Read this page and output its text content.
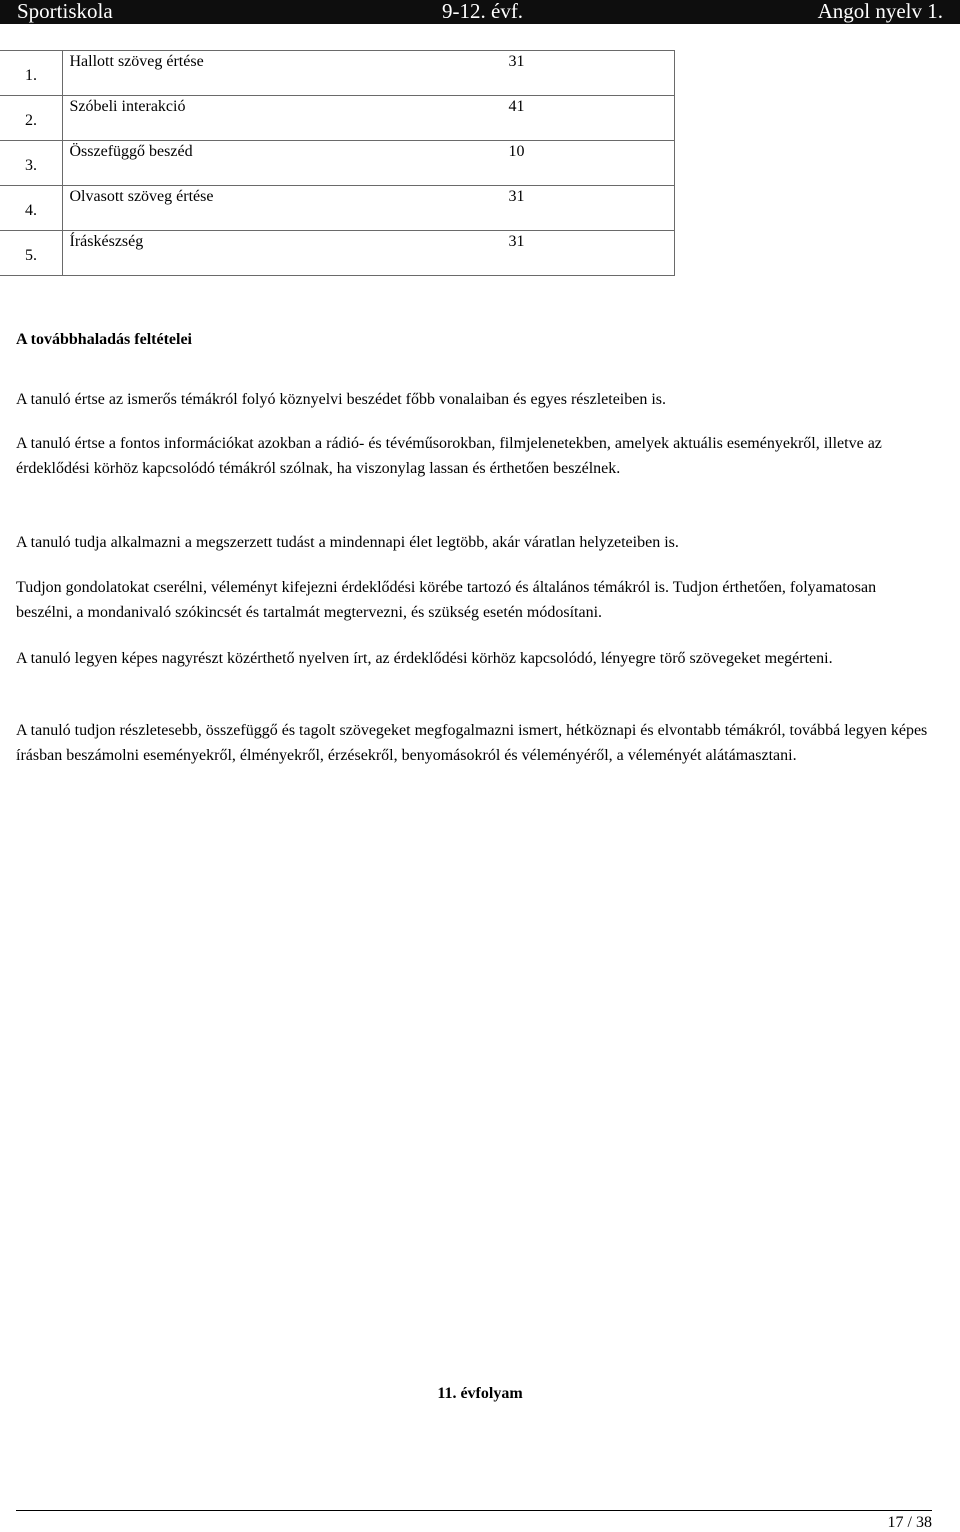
Sportiskola	9-12. évf.	Angol nyelv 1.
1.	Hallott szöveg értése 31

2.	Szóbeli interakció 41

3.	Összefüggő beszéd 10

4.	Olvasott szöveg értése 31

5.	Íráskészség 31
A továbbhaladás feltételei

A tanuló értse az ismerős témákról folyó köznyelvi beszédet főbb vonalaiban és egyes részleteiben is.

A tanuló értse a fontos információkat azokban a rádió- és tévéműsorokban, filmjelenetekben, amelyek aktuális eseményekről, illetve az érdeklődési körhöz kapcsolódó témákról szólnak, ha viszonylag lassan és érthetően beszélnek.

A tanuló tudja alkalmazni a megszerzett tudást a mindennapi élet legtöbb, akár váratlan helyzeteiben is.

Tudjon gondolatokat cserélni, véleményt kifejezni érdeklődési körébe tartozó és általános témákról is. Tudjon érthetően, folyamatosan beszélni, a mondanivaló szókincsét és tartalmát megtervezni, és szükség esetén módosítani.

A tanuló legyen képes nagyrészt közérthető nyelven írt, az érdeklődési körhöz kapcsolódó, lényegre törő szövegeket megérteni.

A tanuló tudjon részletesebb, összefüggő és tagolt szövegeket megfogalmazni ismert, hétköznapi és elvontabb témákról, továbbá legyen képes írásban beszámolni eseményekről, élményekről, érzésekről, benyomásokról és véleményéről, a véleményét alátámasztani.

11. évfolyam
17 / 38
